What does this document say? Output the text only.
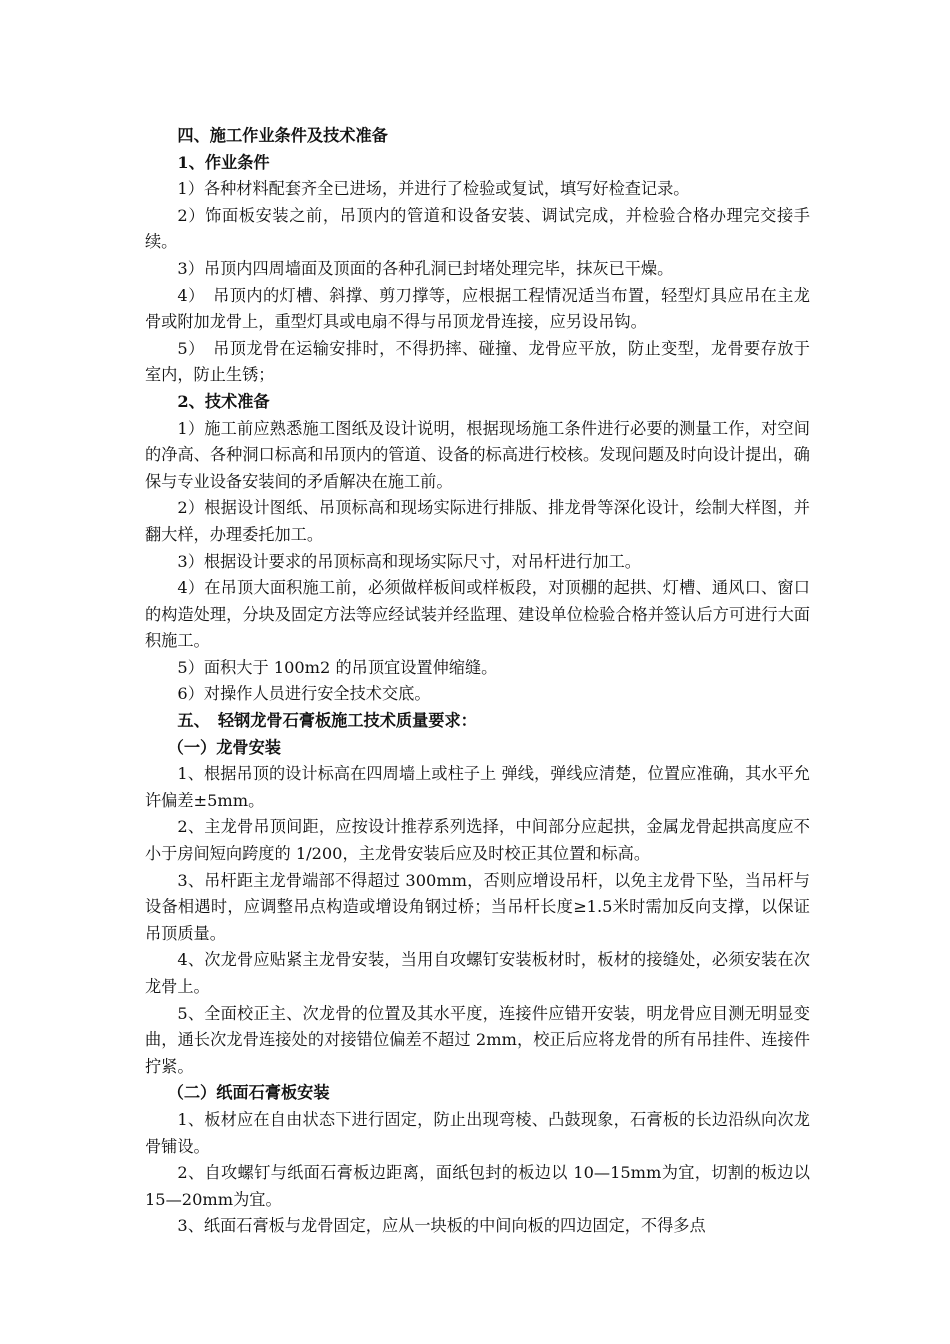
四、施工作业条件及技术准备

1、作业条件

1）各种材料配套齐全已进场，并进行了检验或复试，填写好检查记录。

2）饰面板安装之前，吊顶内的管道和设备安装、调试完成，并检验合格办理完交接手续。

3）吊顶内四周墙面及顶面的各种孔洞已封堵处理完毕，抹灰已干燥。

4）　吊顶内的灯槽、斜撑、剪刀撑等，应根据工程情况适当布置，轻型灯具应吊在主龙骨或附加龙骨上，重型灯具或电扇不得与吊顶龙骨连接，应另设吊钩。

5）　吊顶龙骨在运输安排时，不得扔摔、碰撞、龙骨应平放，防止变型，龙骨要存放于室内，防止生锈；

2、技术准备

1）施工前应熟悉施工图纸及设计说明，根据现场施工条件进行必要的测量工作，对空间的净高、各种洞口标高和吊顶内的管道、设备的标高进行校核。发现问题及时向设计提出，确保与专业设备安装间的矛盾解决在施工前。

2）根据设计图纸、吊顶标高和现场实际进行排版、排龙骨等深化设计，绘制大样图，并翻大样，办理委托加工。

3）根据设计要求的吊顶标高和现场实际尺寸，对吊杆进行加工。

4）在吊顶大面积施工前，必须做样板间或样板段，对顶棚的起拱、灯槽、通风口、窗口的构造处理，分块及固定方法等应经试装并经监理、建设单位检验合格并签认后方可进行大面积施工。

5）面积大于 100m2 的吊顶宜设置伸缩缝。

6）对操作人员进行安全技术交底。

五、　轻钢龙骨石膏板施工技术质量要求：

（一）龙骨安装

1、根据吊顶的设计标高在四周墙上或柱子上 弹线，弹线应清楚，位置应准确，其水平允许偏差±5mm。

2、主龙骨吊顶间距，应按设计推荐系列选择，中间部分应起拱，金属龙骨起拱高度应不小于房间短向跨度的 1/200，主龙骨安装后应及时校正其位置和标高。

3、吊杆距主龙骨端部不得超过 300mm，否则应增设吊杆，以免主龙骨下坠，当吊杆与设备相遇时，应调整吊点构造或增设角钢过桥；当吊杆长度≥1.5米时需加反向支撑，以保证吊顶质量。

4、次龙骨应贴紧主龙骨安装，当用自攻螺钉安装板材时，板材的接缝处，必须安装在次龙骨上。

5、全面校正主、次龙骨的位置及其水平度，连接件应错开安装，明龙骨应目测无明显变曲，通长次龙骨连接处的对接错位偏差不超过 2mm，校正后应将龙骨的所有吊挂件、连接件拧紧。

（二）纸面石膏板安装

1、板材应在自由状态下进行固定，防止出现弯棱、凸鼓现象，石膏板的长边沿纵向次龙骨铺设。

2、自攻螺钉与纸面石膏板边距离，面纸包封的板边以 10—15mm为宜，切割的板边以 15—20mm为宜。

3、纸面石膏板与龙骨固定，应从一块板的中间向板的四边固定，不得多点
